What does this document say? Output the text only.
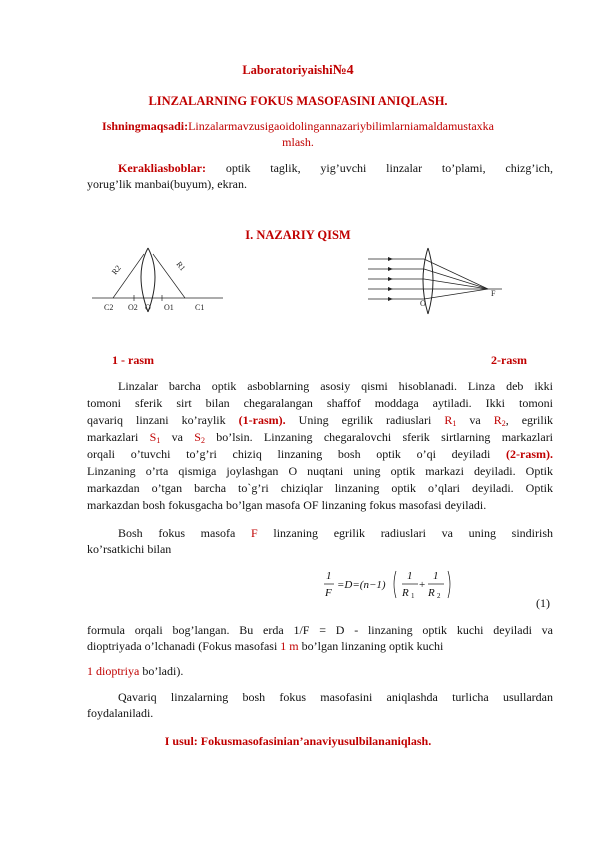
Laboratoriyaishi№4
LINZALARNING FOKUS MASOFASINI ANIQLASH.
Ishningmaqsadi:Linzalarmavzusigaoidolingannazariybilimlarniamaldamustaxka
mlash.
Kerakliasboblar: optik taglik, yig’uvchi linzalar to’plami, chizg’ich,
yorug’lik manbai(buyum), ekran.
I. NAZARIY QISM
R2	R1
C2 O2 O O1	C1	O
F
1 - rasm	2-rasm
Linzalar barcha optik asboblarning asosiy qismi hisoblanadi. Linza deb ikki
tomoni sferik sirt bilan chegaralangan shaffof moddaga aytiladi. Ikki tomoni
qavariq linzani ko’raylik (1-rasm). Uning egrilik radiuslari $R_1$ va $R_2$, egrilik
markazlari $S_1$ va $S_2$ bo’lsin. Linzaning chegaralovchi sferik sirtlarning markazlari
orqali o’tuvchi to’g’ri chiziq linzaning bosh optik o’qi deyiladi (2-rasm).
Linzaning o’rta qismiga joylashgan O nuqtani uning optik markazi deyiladi. Optik
markazdan o’tgan barcha to`g’ri chiziqlar linzaning optik o’qlari deyiladi. Optik
markazdan bosh fokusgacha bo’lgan masofa OF linzaning fokus masofasi deyiladi.
Bosh fokus masofa F linzaning egrilik radiuslari va uning sindirish
ko’rsatkichi bilan
1
F
=D=(n−1)
1
R 1
+
1
R 2	(1)
formula orqali bog’langan. Bu erda 1/F = D - linzaning optik kuchi deyiladi va
dioptriyada o’lchanadi (Fokus masofasi 1 m bo’lgan linzaning optik kuchi
1 dioptriya bo’ladi).
Qavariq linzalarning bosh fokus masofasini aniqlashda turlicha usullardan
foydalaniladi.
I usul: Fokusmasofasinian’anaviyusulbilananiqlash.
